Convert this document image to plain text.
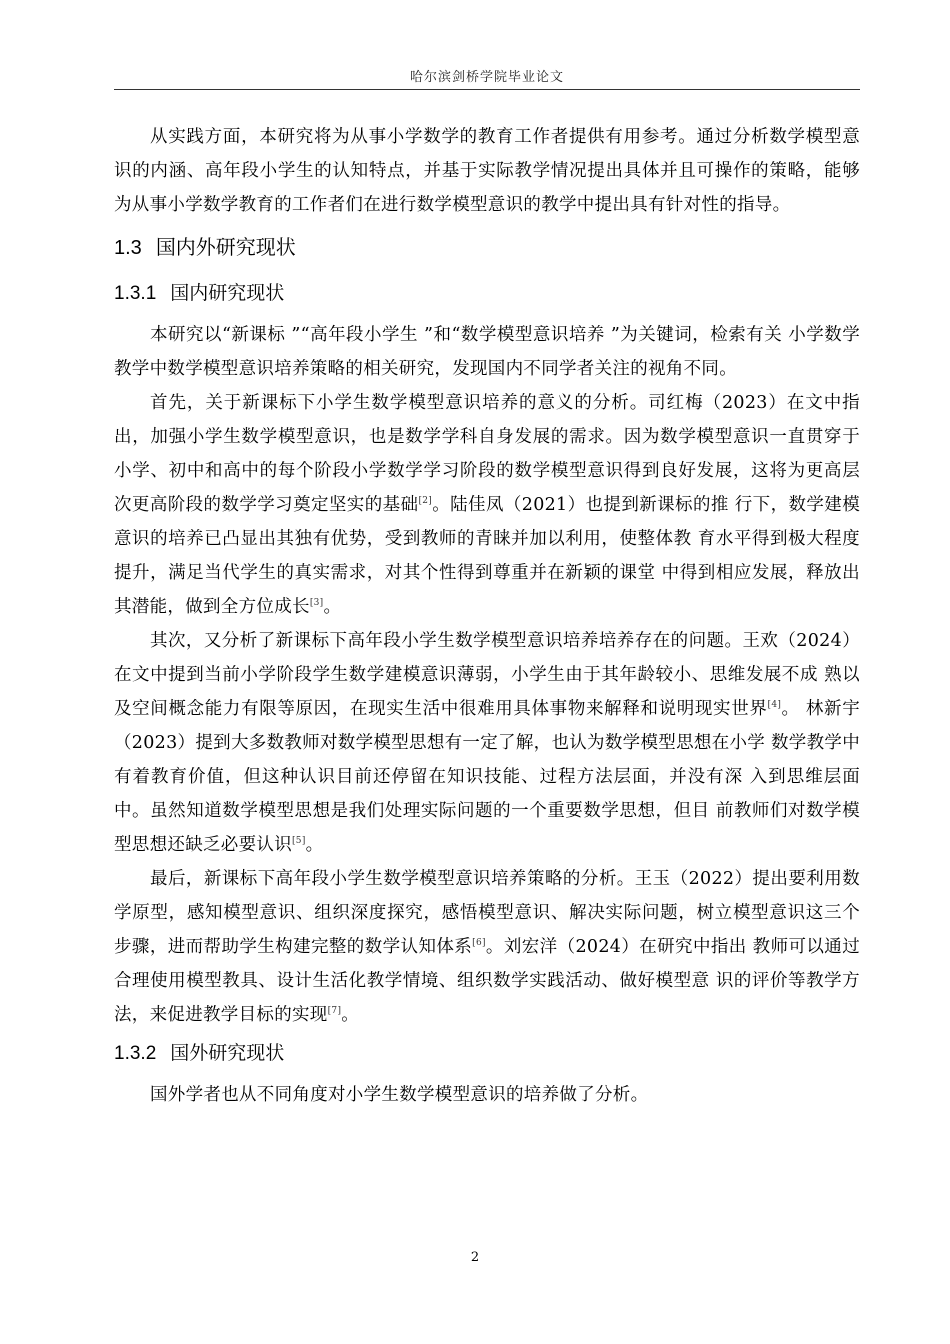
哈尔滨剑桥学院毕业论文

从实践方面，本研究将为从事小学数学的教育工作者提供有用参考。通过分析数学模型意识的内涵、高年段小学生的认知特点，并基于实际教学情况提出具体并且可操作的策略，能够为从事小学数学教育的工作者们在进行数学模型意识的教学中提出具有针对性的指导。

1.3 国内外研究现状
1.3.1 国内研究现状

本研究以“新课标 ”“高年段小学生 ”和“数学模型意识培养 ”为关键词，检索有关 小学数学教学中数学模型意识培养策略的相关研究，发现国内不同学者关注的视角不同。

首先，关于新课标下小学生数学模型意识培养的意义的分析。司红梅（2023）在文中指出，加强小学生数学模型意识，也是数学学科自身发展的需求。因为数学模型意识一直贯穿于小学、初中和高中的每个阶段小学数学学习阶段的数学模型意识得到良好发展，这将为更高层次更高阶段的数学学习奠定坚实的基础[2]。陆佳凤（2021）也提到新课标的推 行下，数学建模意识的培养已凸显出其独有优势，受到教师的青睐并加以利用，使整体教 育水平得到极大程度提升，满足当代学生的真实需求，对其个性得到尊重并在新颖的课堂 中得到相应发展，释放出其潜能，做到全方位成长[3]。

其次，又分析了新课标下高年段小学生数学模型意识培养培养存在的问题。王欢（2024） 在文中提到当前小学阶段学生数学建模意识薄弱，小学生由于其年龄较小、思维发展不成 熟以及空间概念能力有限等原因，在现实生活中很难用具体事物来解释和说明现实世界[4]。 林新宇（2023）提到大多数教师对数学模型思想有一定了解，也认为数学模型思想在小学 数学教学中有着教育价值，但这种认识目前还停留在知识技能、过程方法层面，并没有深 入到思维层面中。虽然知道数学模型思想是我们处理实际问题的一个重要数学思想，但目 前教师们对数学模型思想还缺乏必要认识[5]。

最后，新课标下高年段小学生数学模型意识培养策略的分析。王玉（2022）提出要利用数学原型，感知模型意识、组织深度探究，感悟模型意识、解决实际问题，树立模型意识这三个步骤，进而帮助学生构建完整的数学认知体系[6]。刘宏洋（2024）在研究中指出 教师可以通过合理使用模型教具、设计生活化教学情境、组织数学实践活动、做好模型意 识的评价等教学方法，来促进教学目标的实现[7]。

1.3.2 国外研究现状

国外学者也从不同角度对小学生数学模型意识的培养做了分析。

2
